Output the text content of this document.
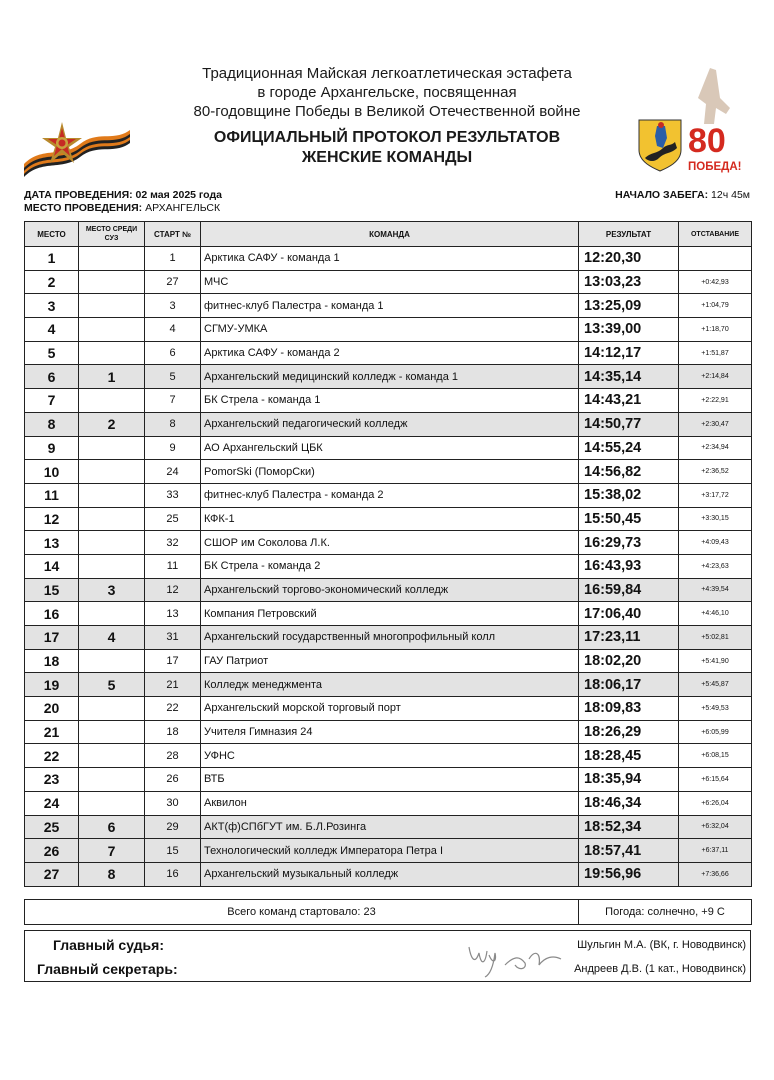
Традиционная Майская легкоатлетическая эстафета
в городе Архангельске, посвященная
80-годовщине Победы в Великой Отечественной войне
ОФИЦИАЛЬНЫЙ ПРОТОКОЛ РЕЗУЛЬТАТОВ
ЖЕНСКИЕ КОМАНДЫ	80
ПОБЕДА!
ДАТА ПРОВЕДЕНИЯ: 02 мая 2025 года
МЕСТО ПРОВЕДЕНИЯ: АРХАНГЕЛЬСК
НАЧАЛО ЗАБЕГА: 12ч 45м
МЕСТО	МЕСТО СРЕДИ
СУЗ	СТАРТ №	КОМАНДА	РЕЗУЛЬТАТ	ОТСТАВАНИЕ
1		1	Арктика САФУ - команда 1	12:20,30	
2		27	МЧС	13:03,23	+0:42,93
3		3	фитнес-клуб Палестра - команда 1	13:25,09	+1:04,79
4		4	СГМУ-УМКА	13:39,00	+1:18,70
5		6	Арктика САФУ - команда 2	14:12,17	+1:51,87
6	1	5	Архангельский медицинский колледж - команда 1	14:35,14	+2:14,84
7		7	БК Стрела - команда 1	14:43,21	+2:22,91
8	2	8	Архангельский педагогический колледж	14:50,77	+2:30,47
9		9	АО Архангельский ЦБК	14:55,24	+2:34,94
10		24	PomorSki (ПоморСки)	14:56,82	+2:36,52
11		33	фитнес-клуб Палестра - команда 2	15:38,02	+3:17,72
12		25	КФК-1	15:50,45	+3:30,15
13		32	СШОР им Соколова Л.К.	16:29,73	+4:09,43
14		11	БК Стрела - команда 2	16:43,93	+4:23,63
15	3	12	Архангельский торгово-экономический колледж	16:59,84	+4:39,54
16		13	Компания Петровский	17:06,40	+4:46,10
17	4	31	Архангельский государственный многопрофильный колл	17:23,11	+5:02,81
18		17	ГАУ Патриот	18:02,20	+5:41,90
19	5	21	Колледж менеджмента	18:06,17	+5:45,87
20		22	Архангельский морской торговый порт	18:09,83	+5:49,53
21		18	Учителя Гимназия 24	18:26,29	+6:05,99
22		28	УФНС	18:28,45	+6:08,15
23		26	ВТБ	18:35,94	+6:15,64
24		30	Аквилон	18:46,34	+6:26,04
25	6	29	АКТ(ф)СПбГУТ им. Б.Л.Розинга	18:52,34	+6:32,04
26	7	15	Технологический колледж Императора Петра I	18:57,41	+6:37,11
27	8	16	Архангельский музыкальный колледж	19:56,96	+7:36,66
Всего команд стартовало: 23	Погода: солнечно, +9 С
Главный судья:
Главный секретарь:
Шульгин М.А. (ВК, г. Новодвинск)
Андреев Д.В. (1 кат., Новодвинск)
